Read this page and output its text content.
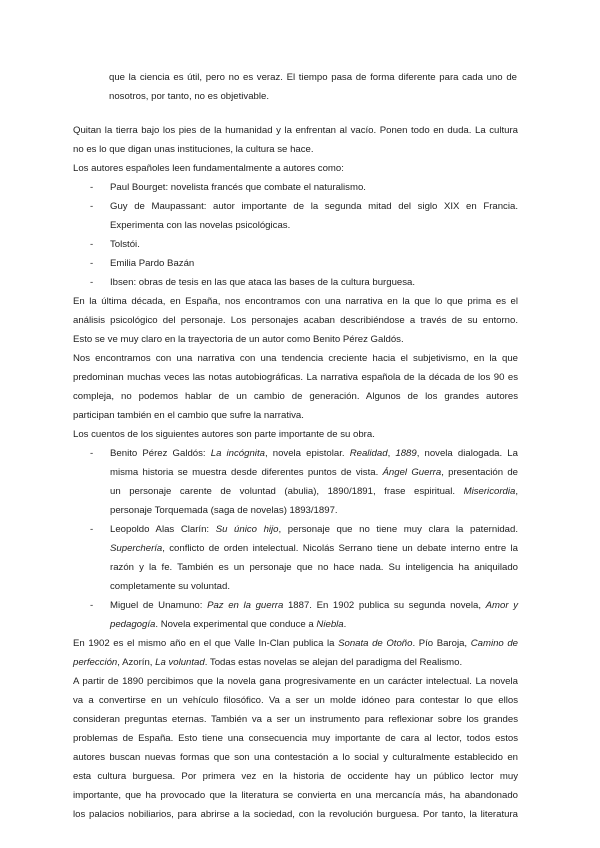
que la ciencia es útil, pero no es veraz. El tiempo pasa de forma diferente para cada uno de
nosotros, por tanto, no es objetivable.

Quitan la tierra bajo los pies de la humanidad y la enfrentan al vacío. Ponen todo en duda. La cultura
no es lo que digan unas instituciones, la cultura se hace.

Los autores españoles leen fundamentalmente a autores como:

- Paul Bourget: novelista francés que combate el naturalismo.
- Guy de Maupassant: autor importante de la segunda mitad del siglo XIX en Francia.
Experimenta con las novelas psicológicas.
- Tolstói.
- Emilia Pardo Bazán
- Ibsen: obras de tesis en las que ataca las bases de la cultura burguesa.

En la última década, en España, nos encontramos con una narrativa en la que lo que prima es el
análisis psicológico del personaje. Los personajes acaban describiéndose a través de su entorno.
Esto se ve muy claro en la trayectoria de un autor como Benito Pérez Galdós.

Nos encontramos con una narrativa con una tendencia creciente hacia el subjetivismo, en la que
predominan muchas veces las notas autobiográficas. La narrativa española de la década de los 90 es
compleja, no podemos hablar de un cambio de generación. Algunos de los grandes autores
participan también en el cambio que sufre la narrativa.

Los cuentos de los siguientes autores son parte importante de su obra.

- Benito Pérez Galdós: La incógnita, novela epistolar. Realidad, 1889, novela dialogada. La
misma historia se muestra desde diferentes puntos de vista. Ángel Guerra, presentación de
un personaje carente de voluntad (abulia), 1890/1891, frase espiritual. Misericordia,
personaje Torquemada (saga de novelas) 1893/1897.
- Leopoldo Alas Clarín: Su único hijo, personaje que no tiene muy clara la paternidad.
Superchería, conflicto de orden intelectual. Nicolás Serrano tiene un debate interno entre la
razón y la fe. También es un personaje que no hace nada. Su inteligencia ha aniquilado
completamente su voluntad.
- Miguel de Unamuno: Paz en la guerra 1887. En 1902 publica su segunda novela, Amor y
pedagogía. Novela experimental que conduce a Niebla.

En 1902 es el mismo año en el que Valle In-Clan publica la Sonata de Otoño. Pío Baroja, Camino de
perfección, Azorín, La voluntad. Todas estas novelas se alejan del paradigma del Realismo.

A partir de 1890 percibimos que la novela gana progresivamente en un carácter intelectual. La novela
va a convertirse en un vehículo filosófico. Va a ser un molde idóneo para contestar lo que ellos
consideran preguntas eternas. También va a ser un instrumento para reflexionar sobre los grandes
problemas de España. Esto tiene una consecuencia muy importante de cara al lector, todos estos
autores buscan nuevas formas que son una contestación a lo social y culturalmente establecido en
esta cultura burguesa. Por primera vez en la historia de occidente hay un público lector muy
importante, que ha provocado que la literatura se convierta en una mercancía más, ha abandonado
los palacios nobiliarios, para abrirse a la sociedad, con la revolución burguesa. Por tanto, la literatura
